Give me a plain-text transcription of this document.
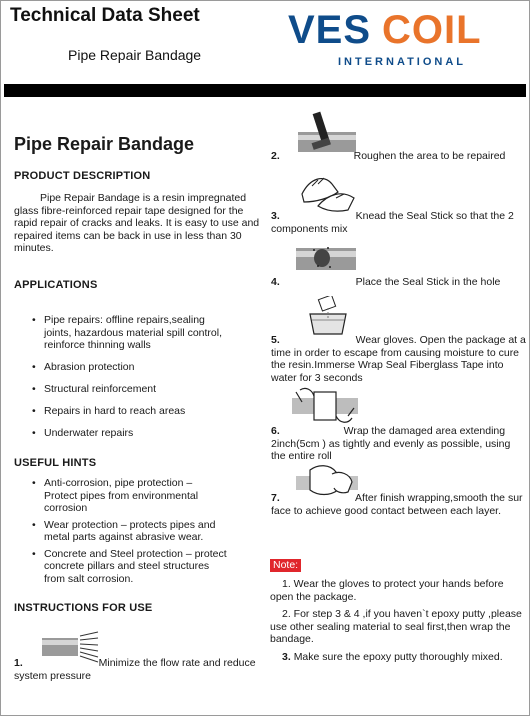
Technical Data Sheet
Pipe Repair Bandage
VES COIL
INTERNATIONAL
Pipe Repair Bandage
PRODUCT DESCRIPTION
Pipe Repair Bandage is a resin impregnated glass fibre-reinforced repair tape designed for the rapid repair of cracks and leaks. It is easy to use and repaired items can be back in use in less than 30 minutes.
APPLICATIONS
• Pipe repairs: offline repairs,sealing joints, hazardous material spill control, reinforce thinning walls
• Abrasion protection
• Structural reinforcement
• Repairs in hard to reach areas
• Underwater repairs
USEFUL HINTS
• Anti-corrosion, pipe protection – Protect pipes from environmental corrosion
• Wear protection – protects pipes and metal parts against abrasive wear.
• Concrete and Steel protection – protect concrete pillars and steel structures from salt corrosion.
INSTRUCTIONS FOR USE
1.	Minimize the flow rate and reduce system pressure
2.	Roughen the area to be repaired
3.	Knead the Seal Stick so that the 2 components mix
4.	Place the Seal Stick in the hole
5.	Wear gloves. Open the package at a time in order to escape from causing moisture to cure the resin.Immerse Wrap Seal Fiberglass Tape into water for 3 seconds
6.	Wrap the damaged area extending 2inch(5cm ) as tightly and evenly as possible, using the entire roll
7.	After finish wrapping,smooth the sur face to achieve good contact between each layer.
Note:
1. Wear the gloves to protect your hands before open the package.
2. For step 3 & 4 ,if you haven`t epoxy putty ,please use other sealing material to seal first,then wrap the bandage.
3. Make sure the epoxy putty thoroughly mixed.
